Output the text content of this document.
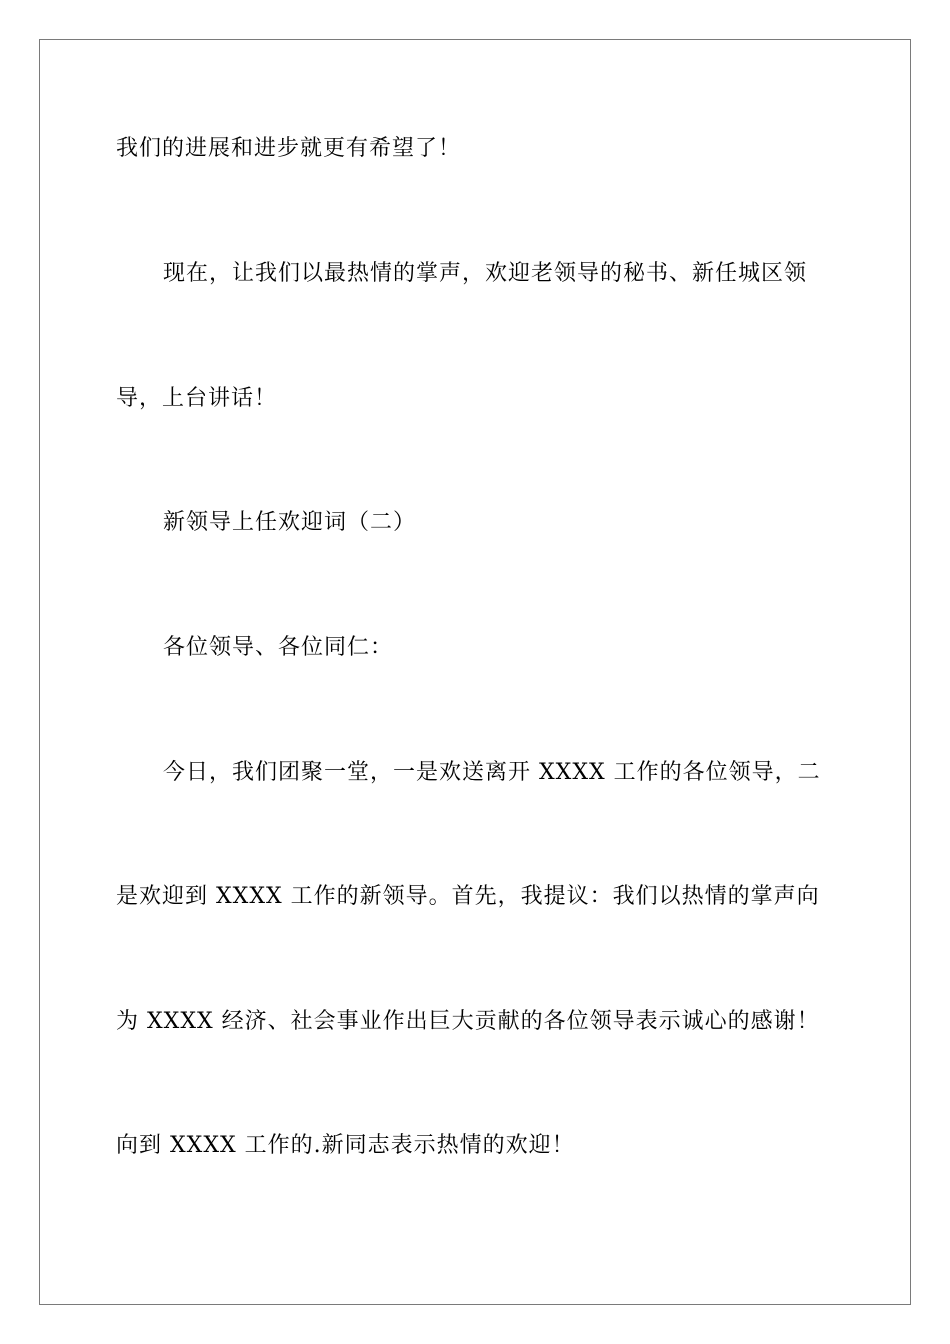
我们的进展和进步就更有希望了！
现在，让我们以最热情的掌声，欢迎老领导的秘书、新任城区领
导，上台讲话！
新领导上任欢迎词（二）
各位领导、各位同仁：
今日，我们团聚一堂，一是欢送离开 XXXX 工作的各位领导，二
是欢迎到 XXXX 工作的新领导。首先，我提议：我们以热情的掌声向
为 XXXX 经济、社会事业作出巨大贡献的各位领导表示诚心的感谢！
向到 XXXX 工作的.新同志表示热情的欢迎！
